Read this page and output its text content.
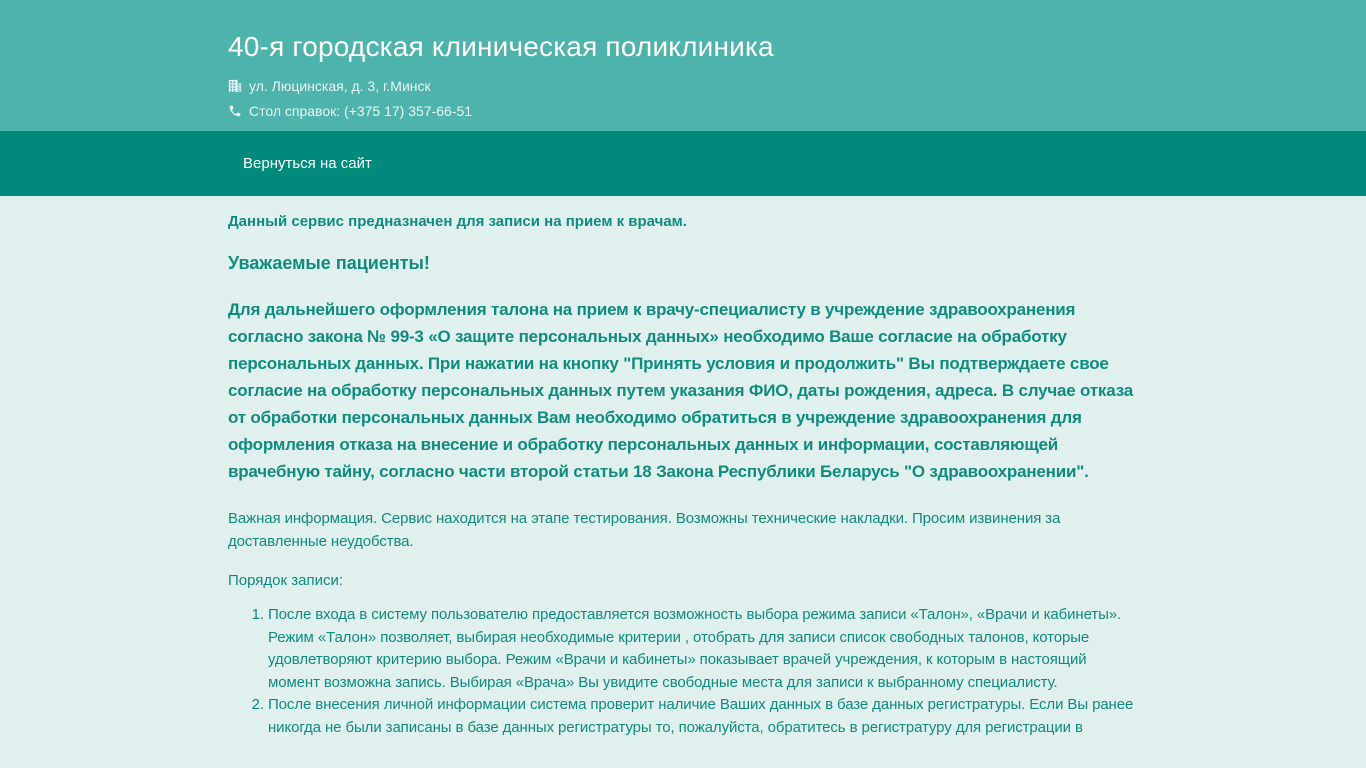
40-я городская клиническая поликлиника
ул. Люцинская, д. 3, г.Минск
Стол справок: (+375 17) 357-66-51
Вернуться на сайт

Данный сервис предназначен для записи на прием к врачам.

Уважаемые пациенты!

Для дальнейшего оформления талона на прием к врачу-специалисту в учреждение здравоохранения согласно закона № 99-3 «О защите персональных данных» необходимо Ваше согласие на обработку персональных данных. При нажатии на кнопку "Принять условия и продолжить" Вы подтверждаете свое согласие на обработку персональных данных путем указания ФИО, даты рождения, адреса. В случае отказа от обработки персональных данных Вам необходимо обратиться в учреждение здравоохранения для оформления отказа на внесение и обработку персональных данных и информации, составляющей врачебную тайну, согласно части второй статьи 18 Закона Республики Беларусь "О здравоохранении".

Важная информация. Сервис находится на этапе тестирования. Возможны технические накладки. Просим извинения за доставленные неудобства.

Порядок записи:

1. После входа в систему пользователю предоставляется возможность выбора режима записи «Талон», «Врачи и кабинеты». Режим «Талон» позволяет, выбирая необходимые критерии , отобрать для записи список свободных талонов, которые удовлетворяют критерию выбора. Режим «Врачи и кабинеты» показывает врачей учреждения, к которым в настоящий момент возможна запись. Выбирая «Врача» Вы увидите свободные места для записи к выбранному специалисту.
2. После внесения личной информации система проверит наличие Ваших данных в базе данных регистратуры. Если Вы ранее никогда не были записаны в базе данных регистратуры то, пожалуйста, обратитесь в регистратуру для регистрации в
